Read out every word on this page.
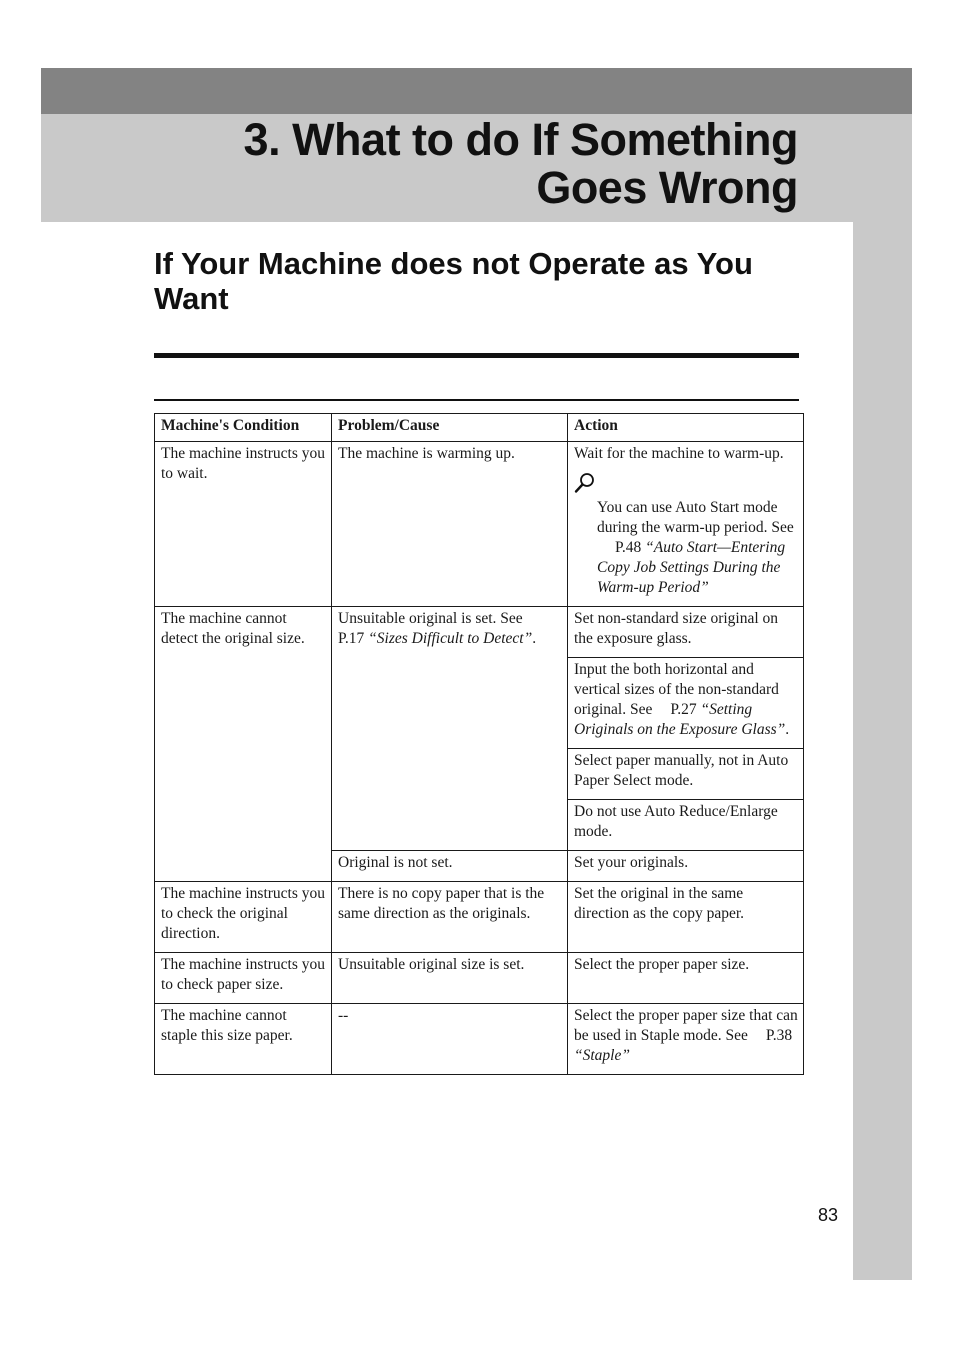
3. What to do If Something
Goes Wrong
If Your Machine does not Operate as You Want
Machine's Condition	Problem/Cause	Action
The machine instructs you to wait.	The machine is warming up.	Wait for the machine to warm-up.
You can use Auto Start mode during the warm-up period. SeeP.48 “Auto Start—Entering Copy Job Settings During the Warm-up Period”

The machine cannot detect the original size.	Unsuitable original is set. See P.17 “Sizes Difficult to Detect”.	Set non-standard size original on the exposure glass.
		Input the both horizontal and vertical sizes of the non-standard original. See P.27 “Setting Originals on the Exposure Glass”.
		Select paper manually, not in Auto Paper Select mode.
		Do not use Auto Reduce/Enlarge mode.
	Original is not set.	Set your originals.
The machine instructs you to check the original direction.	There is no copy paper that is the same direction as the originals.	Set the original in the same direction as the copy paper.
The machine instructs you to check paper size.	Unsuitable original size is set.	Select the proper paper size.
The machine cannot staple this size paper.	--	Select the proper paper size that can be used in Staple mode. See P.38 “Staple”
83
